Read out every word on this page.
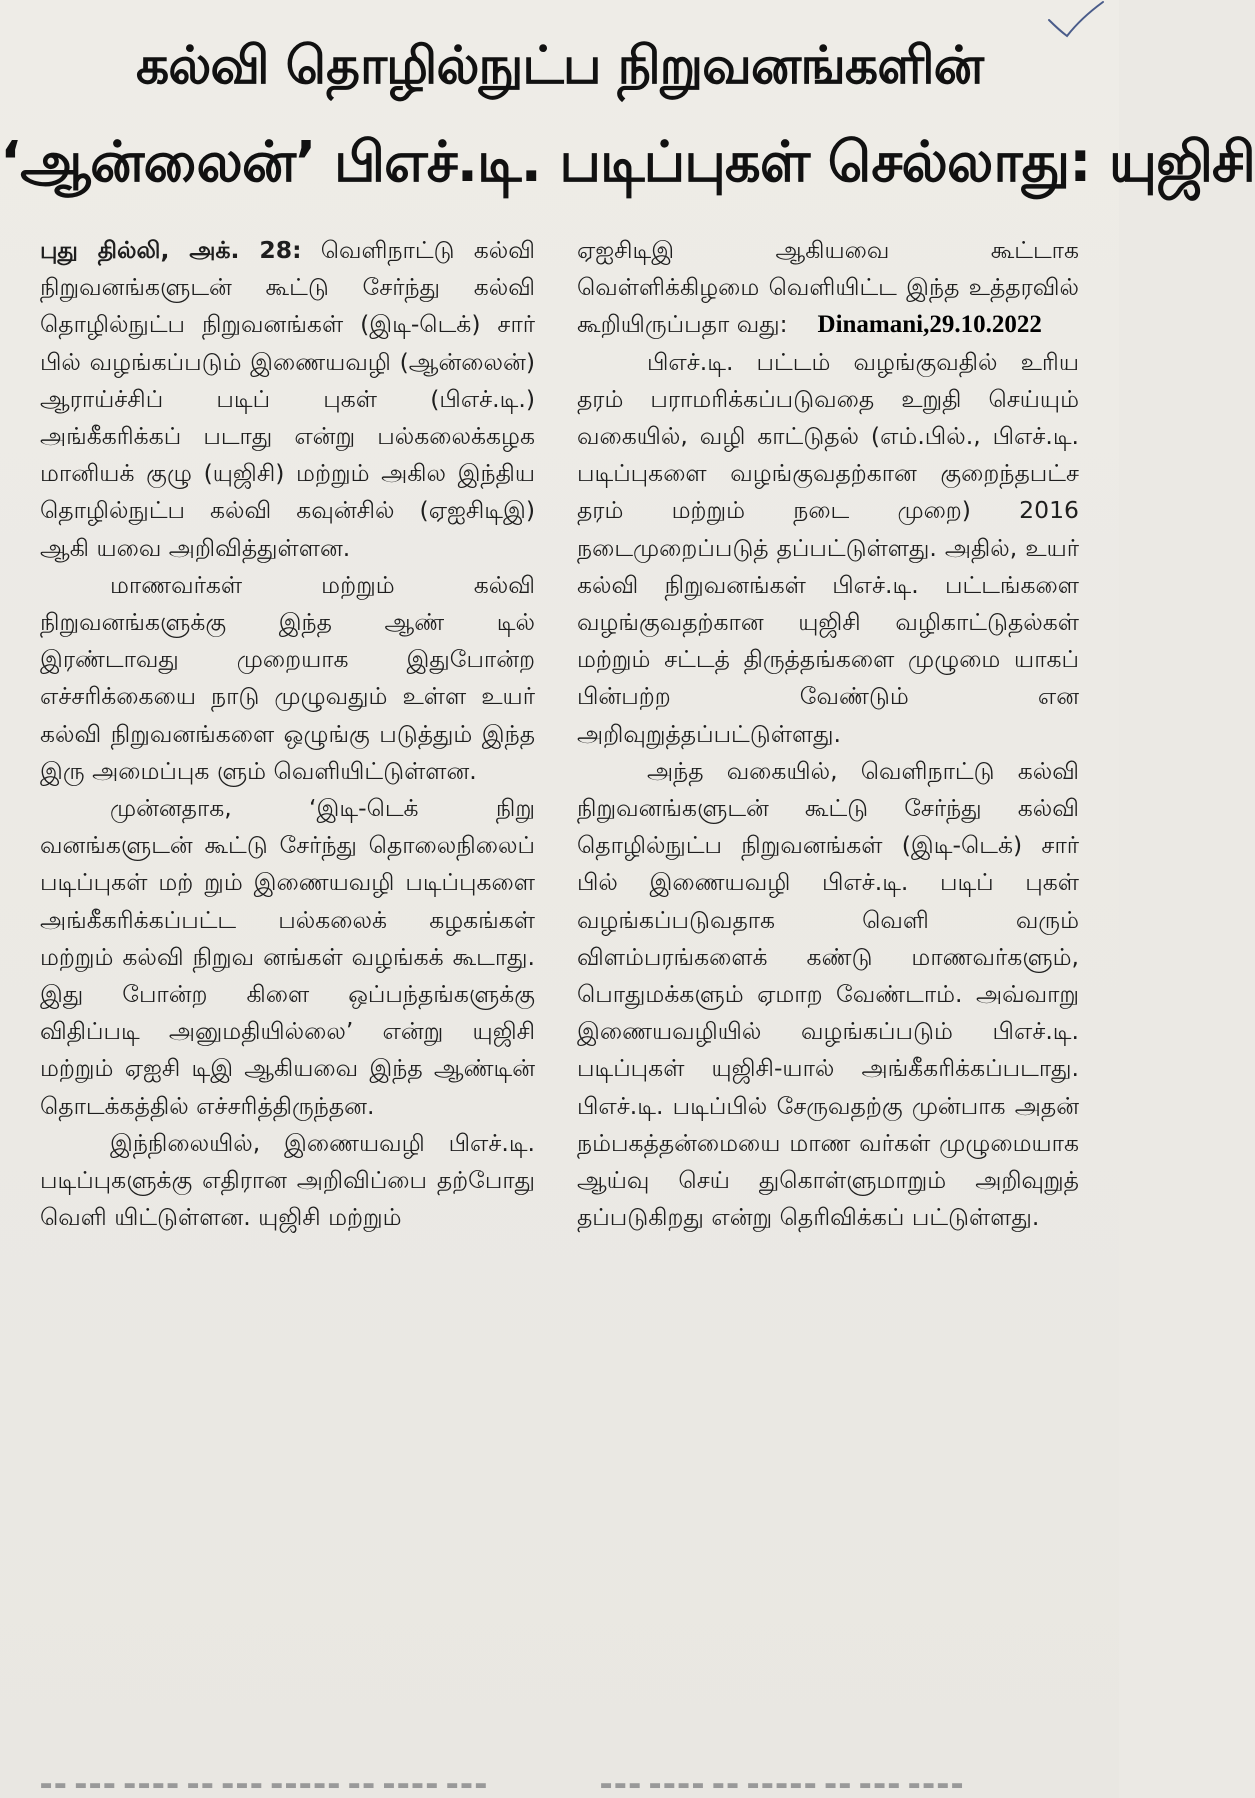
கல்வி தொழில்நுட்ப நிறுவனங்களின்
‘ஆன்லைன்’ பிஎச்.டி. படிப்புகள் செல்லாது: யுஜிசி

புது தில்லி, அக். 28: வெளிநாட்டு கல்வி நிறுவனங்களுடன் கூட்டு சேர்ந்து கல்வி தொழில்நுட்ப நிறுவனங்கள் (இடி-டெக்) சார் பில் வழங்கப்படும் இணையவழி (ஆன்லைன்) ஆராய்ச்சிப் படிப் புகள் (பிஎச்.டி.) அங்கீகரிக்கப் படாது என்று பல்கலைக்கழக மானியக் குழு (யுஜிசி) மற்றும் அகில இந்திய தொழில்நுட்ப கல்வி கவுன்சில் (ஏஐசிடிஇ) ஆகி யவை அறிவித்துள்ளன.

மாணவர்கள் மற்றும் கல்வி நிறுவனங்களுக்கு இந்த ஆண் டில் இரண்டாவது முறையாக இதுபோன்ற எச்சரிக்கையை நாடு முழுவதும் உள்ள உயர் கல்வி நிறுவனங்களை ஒழுங்கு படுத்தும் இந்த இரு அமைப்புக ளும் வெளியிட்டுள்ளன.

முன்னதாக, ‘இடி-டெக் நிறு வனங்களுடன் கூட்டு சேர்ந்து தொலைநிலைப் படிப்புகள் மற் றும் இணையவழி படிப்புகளை அங்கீகரிக்கப்பட்ட பல்கலைக் கழகங்கள் மற்றும் கல்வி நிறுவ னங்கள் வழங்கக் கூடாது. இது போன்ற கிளை ஒப்பந்தங்களுக்கு விதிப்படி அனுமதியில்லை’ என்று யுஜிசி மற்றும் ஏஐசி டிஇ ஆகியவை இந்த ஆண்டின் தொடக்கத்தில் எச்சரித்திருந்தன.

இந்நிலையில், இணையவழி பிஎச்.டி. படிப்புகளுக்கு எதிரான அறிவிப்பை தற்போது வெளி யிட்டுள்ளன. யுஜிசி மற்றும்

ஏஐசிடிஇ ஆகியவை கூட்டாக வெள்ளிக்கிழமை வெளியிட்ட இந்த உத்தரவில் கூறியிருப்பதா வது: Dinamani,29.10.2022

பிஎச்.டி. பட்டம் வழங்குவதில் உரிய தரம் பராமரிக்கப்படுவதை உறுதி செய்யும் வகையில், வழி காட்டுதல் (எம்.பில்., பிஎச்.டி. படிப்புகளை வழங்குவதற்கான குறைந்தபட்ச தரம் மற்றும் நடை முறை) 2016 நடைமுறைப்படுத் தப்பட்டுள்ளது. அதில், உயர் கல்வி நிறுவனங்கள் பிஎச்.டி. பட்டங்களை வழங்குவதற்கான யுஜிசி வழிகாட்டுதல்கள் மற்றும் சட்டத் திருத்தங்களை முழுமை யாகப் பின்பற்ற வேண்டும் என அறிவுறுத்தப்பட்டுள்ளது.

அந்த வகையில், வெளிநாட்டு கல்வி நிறுவனங்களுடன் கூட்டு சேர்ந்து கல்வி தொழில்நுட்ப நிறுவனங்கள் (இடி-டெக்) சார் பில் இணையவழி பிஎச்.டி. படிப் புகள் வழங்கப்படுவதாக வெளி வரும் விளம்பரங்களைக் கண்டு மாணவர்களும், பொதுமக்களும் ஏமாற வேண்டாம். அவ்வாறு இணையவழியில் வழங்கப்படும் பிஎச்.டி. படிப்புகள் யுஜிசி-யால் அங்கீகரிக்கப்படாது. பிஎச்.டி. படிப்பில் சேருவதற்கு முன்பாக அதன் நம்பகத்தன்மையை மாண வர்கள் முழுமையாக ஆய்வு செய் துகொள்ளுமாறும் அறிவுறுத் தப்படுகிறது என்று தெரிவிக்கப் பட்டுள்ளது.

▬▬ ▬▬▬ ▬▬▬▬ ▬▬ ▬▬▬ ▬▬▬▬▬ ▬▬ ▬▬▬▬ ▬▬▬	▬▬▬ ▬▬▬▬ ▬▬ ▬▬▬▬▬ ▬▬ ▬▬▬ ▬▬▬▬
